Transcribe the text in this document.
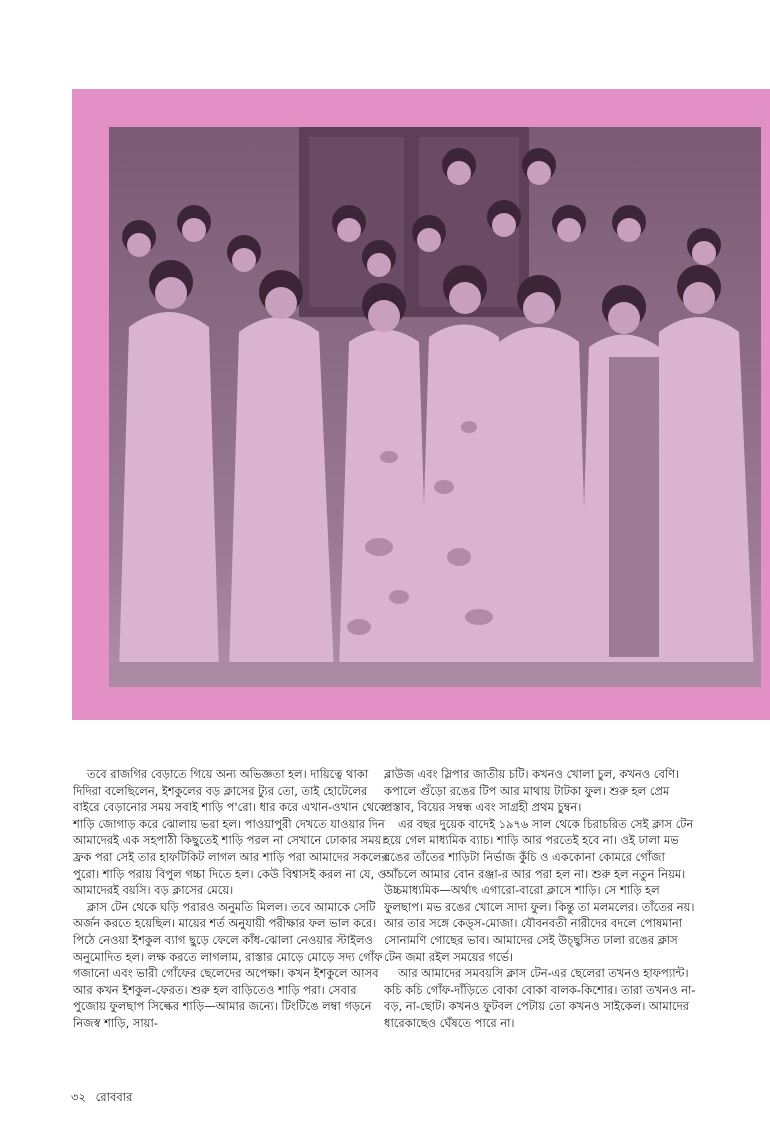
তবে রাজগির বেড়াতে গিয়ে অন্য অভিজ্ঞতা হল। দায়িত্বে থাকা দিদিরা বলেছিলেন, ইশকুলের বড় ক্লাসের ট্যুর তো, তাই হোটেলের বাইরে বেড়ানোর সময় সবাই শাড়ি প'রো। ধার করে এখান-ওখান থেকে শাড়ি জোগাড় করে ঝোলায় ভরা হল। পাওয়াপুরী দেখতে যাওয়ার দিন আমাদেরই এক সহপাঠী কিছুতেই শাড়ি পরল না সেখানে ঢোকার সময়। ফ্রক পরা সেই তার হাফটিকিট লাগল আর শাড়ি পরা আমাদের সকলের পুরো। শাড়ি পরায় বিপুল গচ্চা দিতে হল। কেউ বিশ্বাসই করল না যে, ও আমাদেরই বয়সি। বড় ক্লাসের মেয়ে।

ক্লাস টেন থেকে ঘড়ি পরারও অনুমতি মিলল। তবে আমাকে সেটি অর্জন করতে হয়েছিল। মায়ের শর্ত অনুযায়ী পরীক্ষার ফল ভাল করে। পিঠে নেওয়া ইশকুল ব্যাগ ছুড়ে ফেলে কাঁধ-ঝোলা নেওয়ার স্টাইলও অনুমোদিত হল। লক্ষ করতে লাগলাম, রাস্তার মোড়ে মোড়ে সদ্য গোঁফ গজানো এবং ভারী গোঁফের ছেলেদের অপেক্ষা। কখন ইশকুলে আসব আর কখন ইশকুল-ফেরত। শুরু হল বাড়িতেও শাড়ি পরা। সেবার পুজোয় ফুলছাপ সিল্কের শাড়ি—আমার জন্যে। টিংটিঙে লম্বা গড়নে নিজস্ব শাড়ি, সায়া-

ব্লাউজ এবং স্লিপার জাতীয় চটি। কখনও খোলা চুল, কখনও বেণি। কপালে গুঁড়ো রঙের টিপ আর মাথায় টাটকা ফুল। শুরু হল প্রেম প্রস্তাব, বিয়ের সম্বন্ধ এবং সাগ্রহী প্রথম চুম্বন।

এর বছর দুয়েক বাদেই ১৯৭৬ সাল থেকে চিরাচরিত সেই ক্লাস টেন হয়ে গেল মাধ্যমিক ব্যাচ। শাড়ি আর পরতেই হবে না। ওই ঢালা মভ রঙের তাঁতের শাড়িটা নির্ভাজ কুঁচি ও এককোনা কোমরে গোঁজা আঁচলে আমার বোন রঞ্জা-র আর পরা হল না। শুরু হল নতুন নিয়ম। উচ্চমাধ্যমিক—অর্থাৎ এগারো-বারো ক্লাসে শাড়ি। সে শাড়ি হল ফুলছাপ। মভ রঙের খোলে সাদা ফুল। কিন্তু তা মলমলের। তাঁতের নয়। আর তার সঙ্গে কেড্স-মোজা। যৌবনবতী নারীদের বদলে পোষমানা সোনামণি গোছের ভাব। আমাদের সেই উচ্ছ্বসিত ঢালা রঙের ক্লাস টেন জমা রইল সময়ের গর্ভে।

আর আমাদের সমবয়সি ক্লাস টেন-এর ছেলেরা তখনও হাফপ্যান্ট। কচি কচি গোঁফ-দাঁড়িতে বোকা বোকা বালক-কিশোর। তারা তখনও না-বড়, না-ছোট। কখনও ফুটবল পেটায় তো কখনও সাইকেল। আমাদের ধারেকাছেও ঘেঁষতে পারে না।

৩২ রোববার
